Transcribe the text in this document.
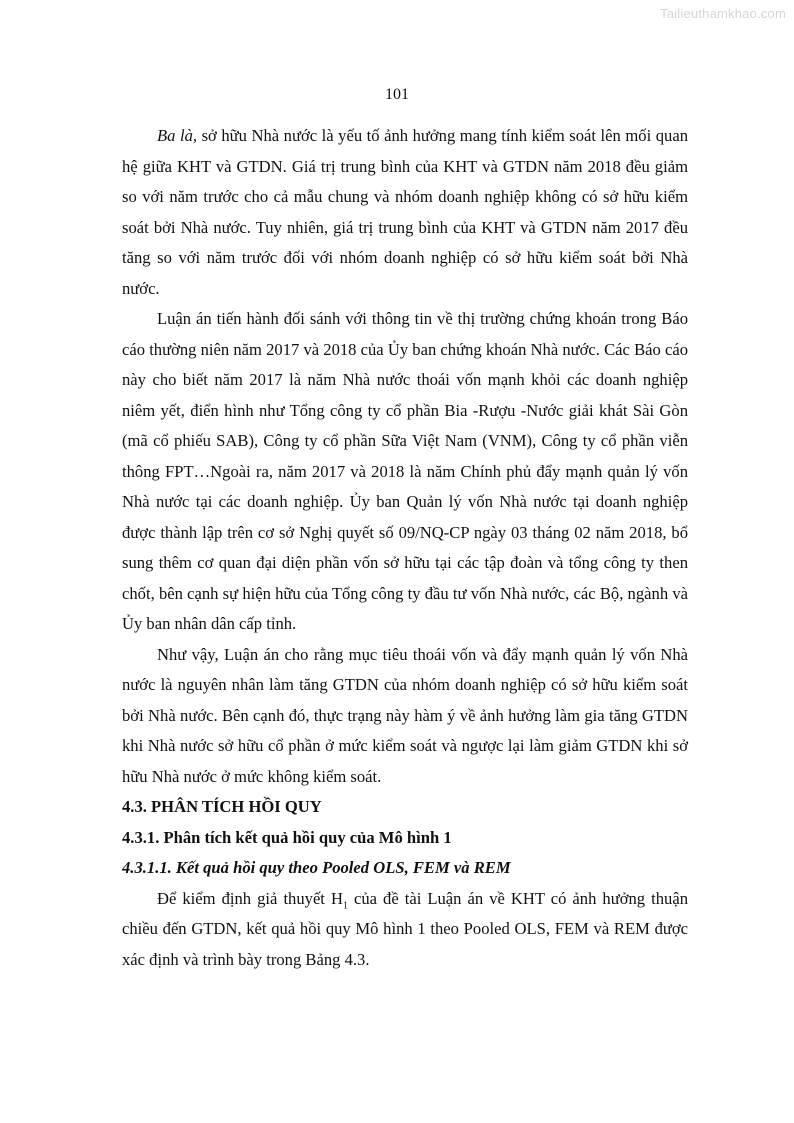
Tailieuthamkhao.com
101

Ba là, sở hữu Nhà nước là yếu tố ảnh hưởng mang tính kiểm soát lên mối quan hệ giữa KHT và GTDN. Giá trị trung bình của KHT và GTDN năm 2018 đều giảm so với năm trước cho cả mẫu chung và nhóm doanh nghiệp không có sở hữu kiểm soát bởi Nhà nước. Tuy nhiên, giá trị trung bình của KHT và GTDN năm 2017 đều tăng so với năm trước đối với nhóm doanh nghiệp có sở hữu kiểm soát bởi Nhà nước.

Luận án tiến hành đối sánh với thông tin về thị trường chứng khoán trong Báo cáo thường niên năm 2017 và 2018 của Ủy ban chứng khoán Nhà nước. Các Báo cáo này cho biết năm 2017 là năm Nhà nước thoái vốn mạnh khỏi các doanh nghiệp niêm yết, điển hình như Tổng công ty cổ phần Bia -Rượu -Nước giải khát Sài Gòn (mã cổ phiếu SAB), Công ty cổ phần Sữa Việt Nam (VNM), Công ty cổ phần viễn thông FPT…Ngoài ra, năm 2017 và 2018 là năm Chính phủ đẩy mạnh quản lý vốn Nhà nước tại các doanh nghiệp. Ủy ban Quản lý vốn Nhà nước tại doanh nghiệp được thành lập trên cơ sở Nghị quyết số 09/NQ-CP ngày 03 tháng 02 năm 2018, bổ sung thêm cơ quan đại diện phần vốn sở hữu tại các tập đoàn và tổng công ty then chốt, bên cạnh sự hiện hữu của Tổng công ty đầu tư vốn Nhà nước, các Bộ, ngành và Ủy ban nhân dân cấp tỉnh.

Như vậy, Luận án cho rằng mục tiêu thoái vốn và đẩy mạnh quản lý vốn Nhà nước là nguyên nhân làm tăng GTDN của nhóm doanh nghiệp có sở hữu kiểm soát bởi Nhà nước. Bên cạnh đó, thực trạng này hàm ý về ảnh hưởng làm gia tăng GTDN khi Nhà nước sở hữu cổ phần ở mức kiểm soát và ngược lại làm giảm GTDN khi sở hữu Nhà nước ở mức không kiểm soát.

4.3. PHÂN TÍCH HỒI QUY

4.3.1. Phân tích kết quả hồi quy của Mô hình 1

4.3.1.1. Kết quả hồi quy theo Pooled OLS, FEM và REM

Để kiểm định giả thuyết $H_1$ của đề tài Luận án về KHT có ảnh hưởng thuận chiều đến GTDN, kết quả hồi quy Mô hình 1 theo Pooled OLS, FEM và REM được xác định và trình bày trong Bảng 4.3.
